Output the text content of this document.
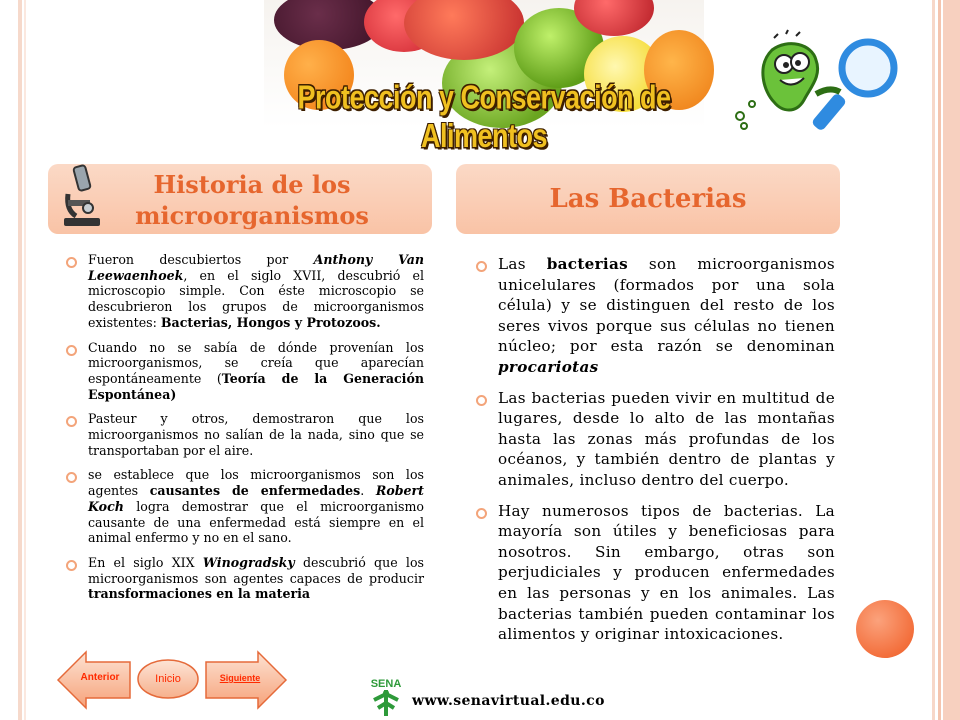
Protección y Conservación de Alimentos
Historia de los microorganismos
Las Bacterias
Fueron descubiertos por Anthony Van Leewaenhoek, en el siglo XVII, descubrió el microscopio simple. Con éste microscopio se descubrieron los grupos de microorganismos existentes: Bacterias, Hongos y Protozoos.
Cuando no se sabía de dónde provenían los microorganismos, se creía que aparecían espontáneamente (Teoría de la Generación Espontánea)
Pasteur y otros, demostraron que los microorganismos no salían de la nada, sino que se transportaban por el aire.
se establece que los microorganismos son los agentes causantes de enfermedades. Robert Koch logra demostrar que el microorganismo causante de una enfermedad está siempre en el animal enfermo y no en el sano.
En el siglo XIX Winogradsky descubrió que los microorganismos son agentes capaces de producir transformaciones en la materia
Las bacterias son microorganismos unicelulares (formados por una sola célula) y se distinguen del resto de los seres vivos porque sus células no tienen núcleo; por esta razón se denominan procariotas
Las bacterias pueden vivir en multitud de lugares, desde lo alto de las montañas hasta las zonas más profundas de los océanos, y también dentro de plantas y animales, incluso dentro del cuerpo.
Hay numerosos tipos de bacterias. La mayoría son útiles y beneficiosas para nosotros. Sin embargo, otras son perjudiciales y producen enfermedades en las personas y en los animales. Las bacterias también pueden contaminar los alimentos y originar intoxicaciones.
Anterior	Inicio	Siguiente	SENA
www.senavirtual.edu.co
